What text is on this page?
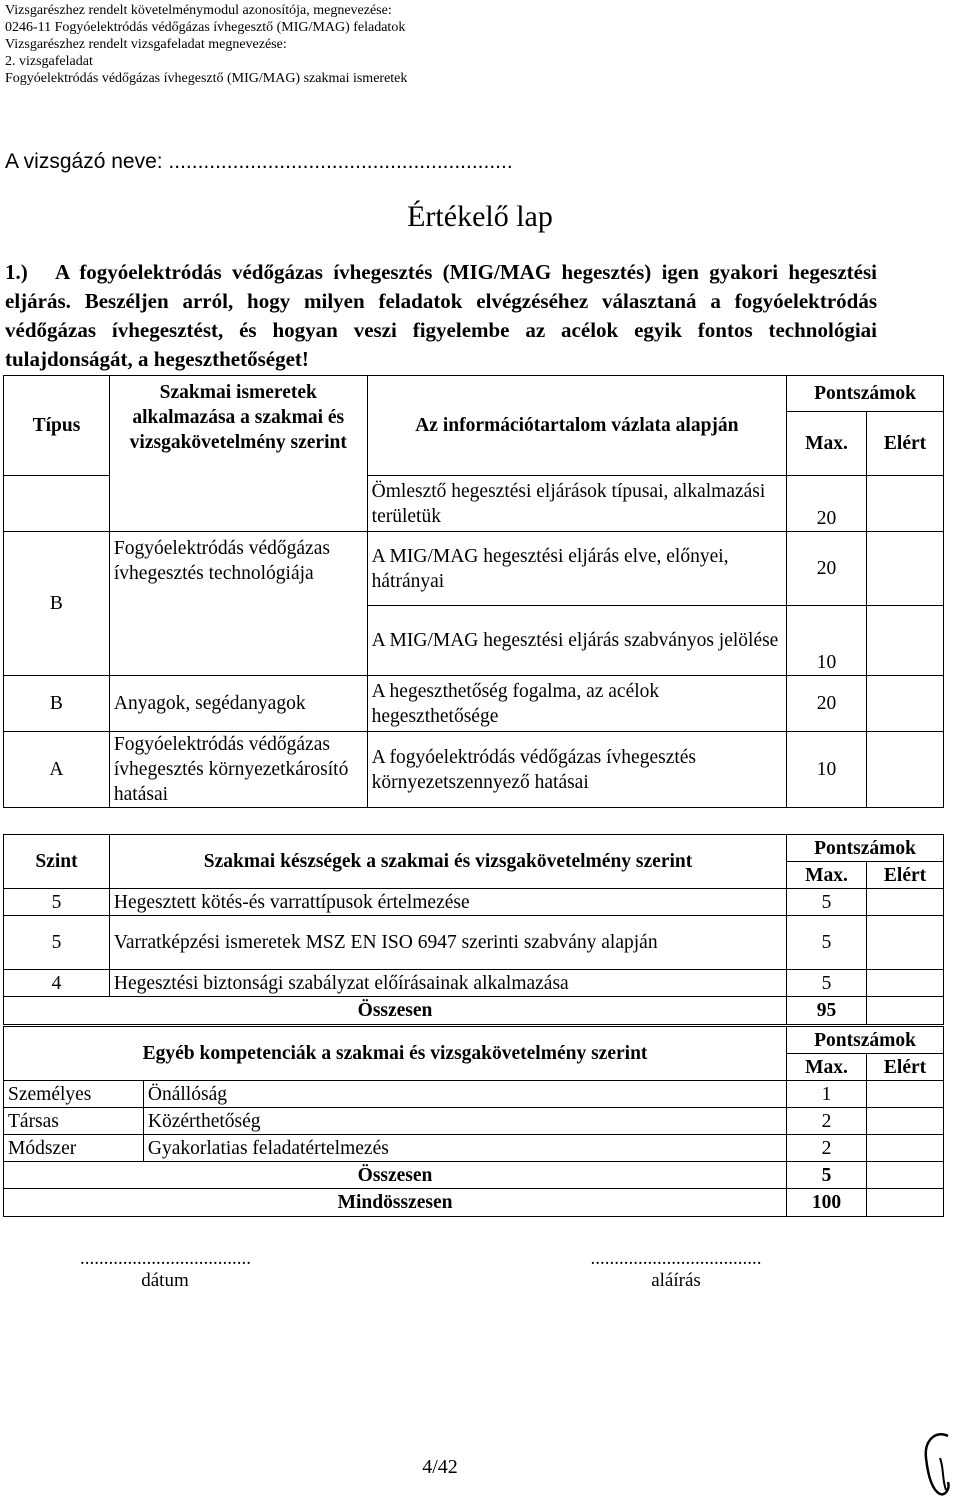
Vizsgarészhez rendelt követelménymodul azonosítója, megnevezése:
0246-11 Fogyóelektródás védőgázas ívhegesztő (MIG/MAG) feladatok
Vizsgarészhez rendelt vizsgafeladat megnevezése:
2. vizsgafeladat
Fogyóelektródás védőgázas ívhegesztő (MIG/MAG) szakmai ismeretek
A vizsgázó neve: ...........................................................
Értékelő lap
1.) A fogyóelektródás védőgázas ívhegesztés (MIG/MAG hegesztés) igen gyakori hegesztési eljárás. Beszéljen arról, hogy milyen feladatok elvégzéséhez választaná a fogyóelektródás védőgázas ívhegesztést, és hogyan veszi figyelembe az acélok egyik fontos technológiai tulajdonságát, a hegeszthetőséget!
Típus	Szakmai ismeretek alkalmazása a szakmai és vizsgakövetelmény szerint	Az információtartalom vázlata alapján	Pontszámok	
			Max.	Elért
		Ömlesztő hegesztési eljárások típusai, alkalmazási területük	20	
B	Fogyóelektródás védőgázas ívhegesztés technológiája	A MIG/MAG hegesztési eljárás elve, előnyei, hátrányai	20	
		A MIG/MAG hegesztési eljárás szabványos jelölése	10	
B	Anyagok, segédanyagok	A hegeszthetőség fogalma, az acélok hegeszthetősége	20	
A	Fogyóelektródás védőgázas ívhegesztés környezetkárosító hatásai	A fogyóelektródás védőgázas ívhegesztés környezetszennyező hatásai	10	
Szint	Szakmai készségek a szakmai és vizsgakövetelmény szerint	Pontszámok	
		Max.	Elért
5	Hegesztett kötés-és varrattípusok értelmezése	5	
5	Varratképzési ismeretek MSZ EN ISO 6947 szerinti szabvány alapján	5	
4	Hegesztési biztonsági szabályzat előírásainak alkalmazása	5	
Összesen		95	
Egyéb kompetenciák a szakmai és vizsgakövetelmény szerint		Pontszámok	
		Max.	Elért
Személyes	Önállóság	1	
Társas	Közérthetőség	2	
Módszer	Gyakorlatias feladatértelmezés	2	
Összesen		5	
Mindösszesen		100	
....................................
dátum
....................................
aláírás
4/42
